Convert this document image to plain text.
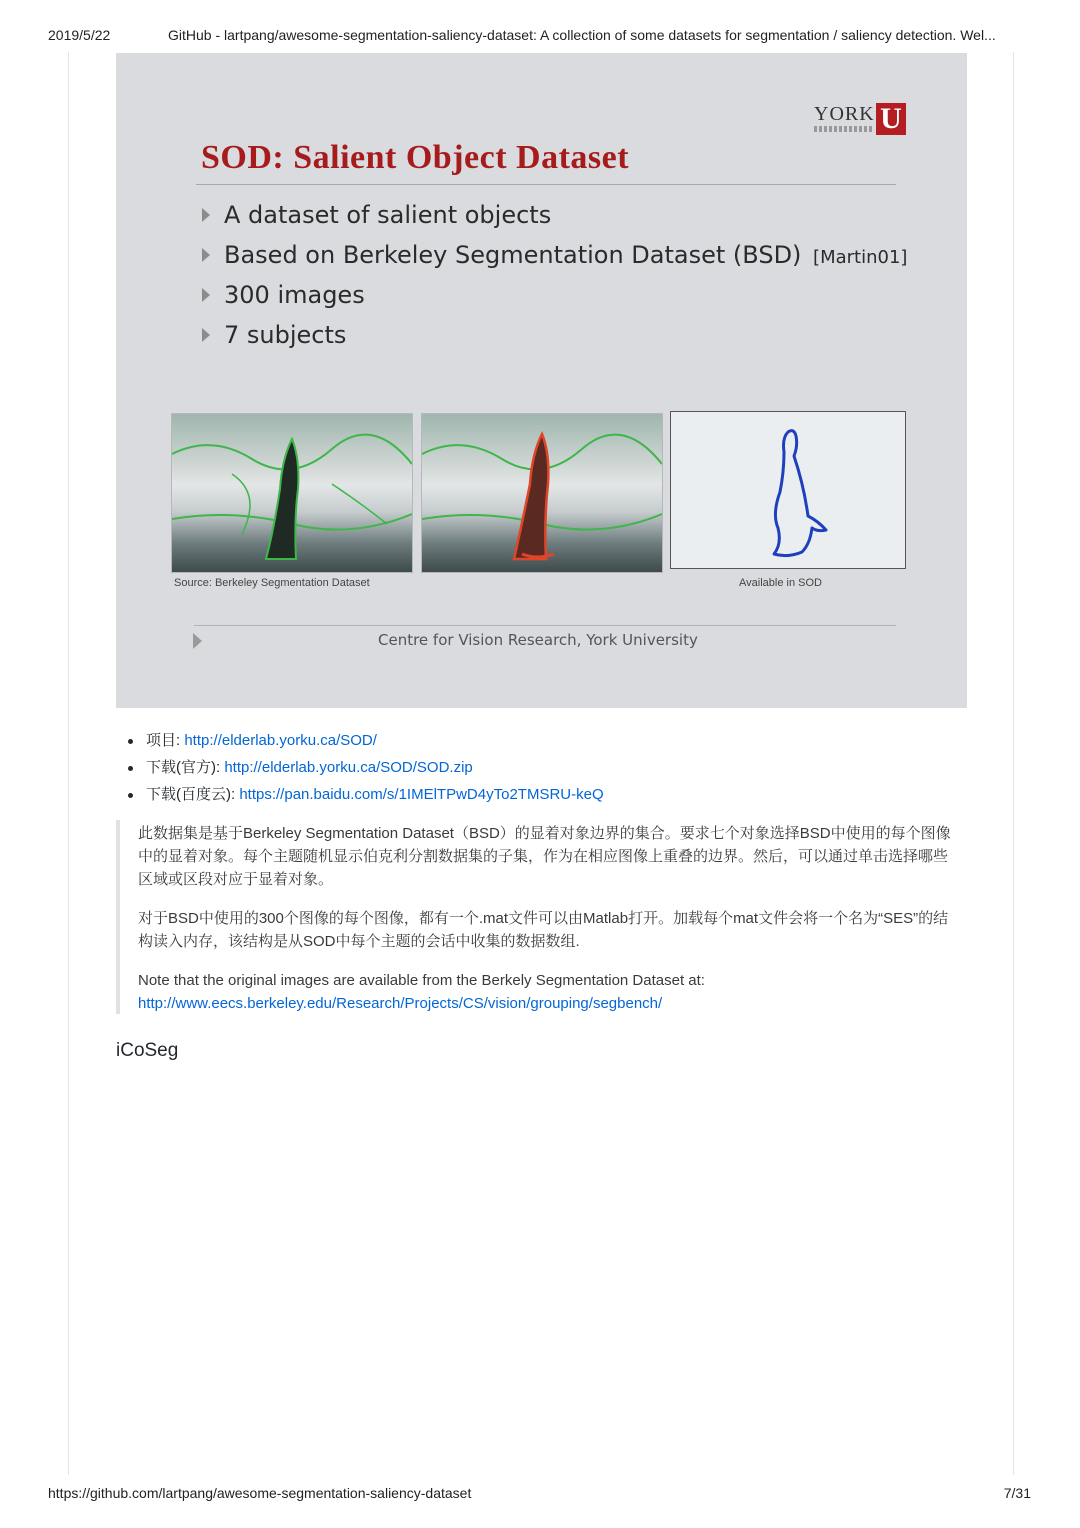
2019/5/22	GitHub - lartpang/awesome-segmentation-saliency-dataset: A collection of some datasets for segmentation / saliency detection. Wel...
YORK U
SOD: Salient Object Dataset
A dataset of salient objects
Based on Berkeley Segmentation Dataset (BSD) [Martin01]
300 images
7 subjects
Source: Berkeley Segmentation Dataset	Available in SOD
Centre for Vision Research, York University
项目: http://elderlab.yorku.ca/SOD/
下载(官方): http://elderlab.yorku.ca/SOD/SOD.zip
下载(百度云): https://pan.baidu.com/s/1IMElTPwD4yTo2TMSRU-keQ

此数据集是基于Berkeley Segmentation Dataset（BSD）的显着对象边界的集合。要求七个对象选择BSD中使用的每个图像中的显着对象。每个主题随机显示伯克利分割数据集的子集，作为在相应图像上重叠的边界。然后，可以通过单击选择哪些区域或区段对应于显着对象。

对于BSD中使用的300个图像的每个图像，都有一个.mat文件可以由Matlab打开。加载每个mat文件会将一个名为“SES”的结构读入内存，该结构是从SOD中每个主题的会话中收集的数据数组.

Note that the original images are available from the Berkely Segmentation Dataset at:
http://www.eecs.berkeley.edu/Research/Projects/CS/vision/grouping/segbench/

iCoSeg
https://github.com/lartpang/awesome-segmentation-saliency-dataset	7/31
